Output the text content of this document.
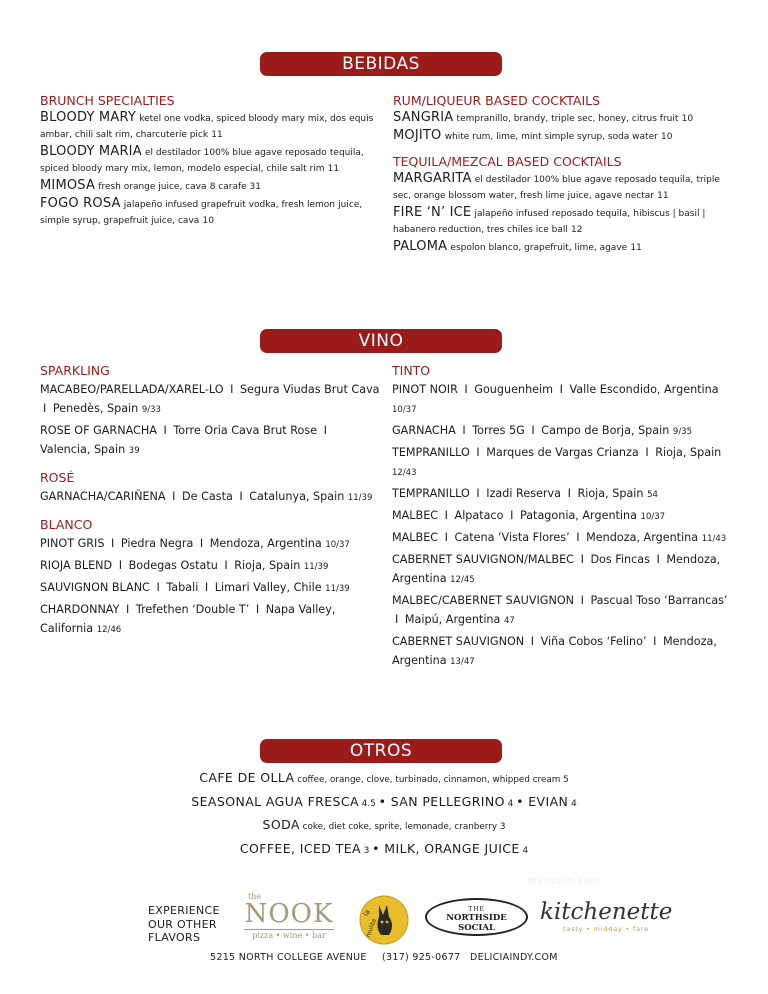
BEBIDAS
BRUNCH SPECIALTIES
BLOODY MARY ketel one vodka, spiced bloody mary mix, dos equis ambar, chili salt rim, charcuterie pick 11
BLOODY MARIA el destilador 100% blue agave reposado tequila, spiced bloody mary mix, lemon, modelo especial, chile salt rim 11
MIMOSA fresh orange juice, cava 8 carafe 31
FOGO ROSA jalapeño infused grapefruit vodka, fresh lemon juice, simple syrup, grapefruit juice, cava 10
RUM/LIQUEUR BASED COCKTAILS
SANGRIA tempranillo, brandy, triple sec, honey, citrus fruit 10
MOJITO white rum, lime, mint simple syrup, soda water 10
TEQUILA/MEZCAL BASED COCKTAILS
MARGARITA el destilador 100% blue agave reposado tequila, triple sec, orange blossom water, fresh lime juice, agave nectar 11
FIRE ‘N’ ICE jalapeño infused reposado tequila, hibiscus | basil | habanero reduction, tres chiles ice ball 12
PALOMA espolon blanco, grapefruit, lime, agave 11
VINO
SPARKLING
MACABEO/PARELLADA/XAREL-LO I Segura Viudas Brut Cava I Penedès, Spain 9/33
ROSE OF GARNACHA I Torre Oria Cava Brut Rose I Valencia, Spain 39
ROSÉ
GARNACHA/CARIÑENA I De Casta I Catalunya, Spain 11/39
BLANCO
PINOT GRIS I Piedra Negra I Mendoza, Argentina 10/37
RIOJA BLEND I Bodegas Ostatu I Rioja, Spain 11/39
SAUVIGNON BLANC I Tabali I Limari Valley, Chile 11/39
CHARDONNAY I Trefethen ‘Double T’ I Napa Valley, California 12/46
TINTO
PINOT NOIR I Gouguenheim I Valle Escondido, Argentina 10/37
GARNACHA I Torres 5G I Campo de Borja, Spain 9/35
TEMPRANILLO I Marques de Vargas Crianza I Rioja, Spain 12/43
TEMPRANILLO I Izadi Reserva I Rioja, Spain 54
MALBEC I Alpataco I Patagonia, Argentina 10/37
MALBEC I Catena ‘Vista Flores’ I Mendoza, Argentina 11/43
CABERNET SAUVIGNON/MALBEC I Dos Fincas I Mendoza, Argentina 12/45
MALBEC/CABERNET SAUVIGNON I Pascual Toso ‘Barrancas’ I Maipú, Argentina 47
CABERNET SAUVIGNON I Viña Cobos ‘Felino’ I Mendoza, Argentina 13/47
OTROS
CAFE DE OLLA coffee, orange, clove, turbinado, cinnamon, whipped cream 5
SEASONAL AGUA FRESCA 4.5 • SAN PELLEGRINO 4 • EVIAN 4
SODA coke, diet coke, sprite, lemonade, cranberry 3
COFFEE, ICED TEA 3 • MILK, ORANGE JUICE 4
menupix.com
EXPERIENCE
OUR OTHER
FLAVORS
the
NOOK
pizza • wine • bar
la
mulita
THE
NORTHSIDE SOCIAL
kitchenette
tasty • midday • fare
5215 NORTH COLLEGE AVENUE (317) 925-0677 DELICIAINDY.COM
